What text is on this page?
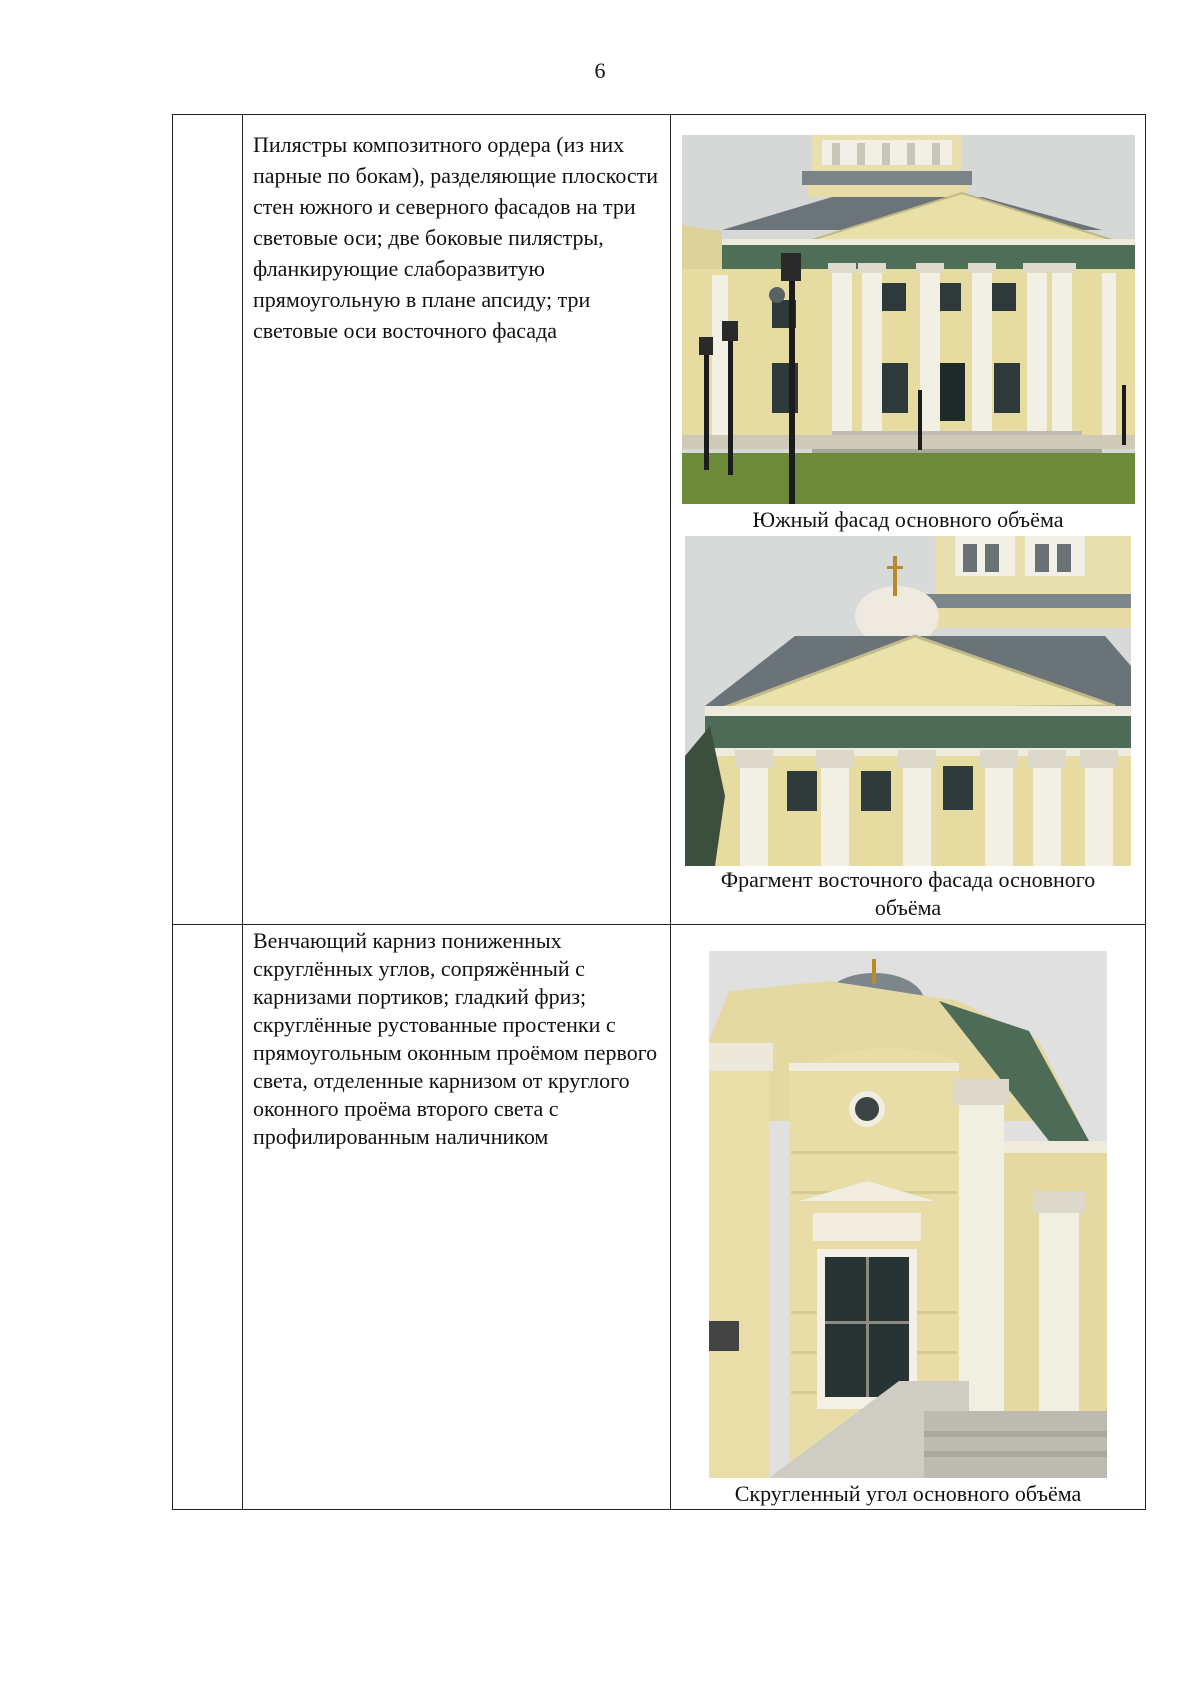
6

	Пилястры композитного ордера (из них парные по бокам), разделяющие плоскости стен южного и северного фасадов на три световые оси; две боковые пилястры, фланкирующие слаборазвитую прямоугольную в плане апсиду; три световые оси восточного фасада	Южный фасад основного объёма
Фрагмент восточного фасада основного объёма

	Венчающий карниз пониженных скруглённых углов, сопряжённый с карнизами портиков; гладкий фриз; скруглённые рустованные простенки с прямоугольным оконным проёмом первого света, отделенные карнизом от круглого оконного проёма второго света с профилированным наличником	Скругленный угол основного объёма
